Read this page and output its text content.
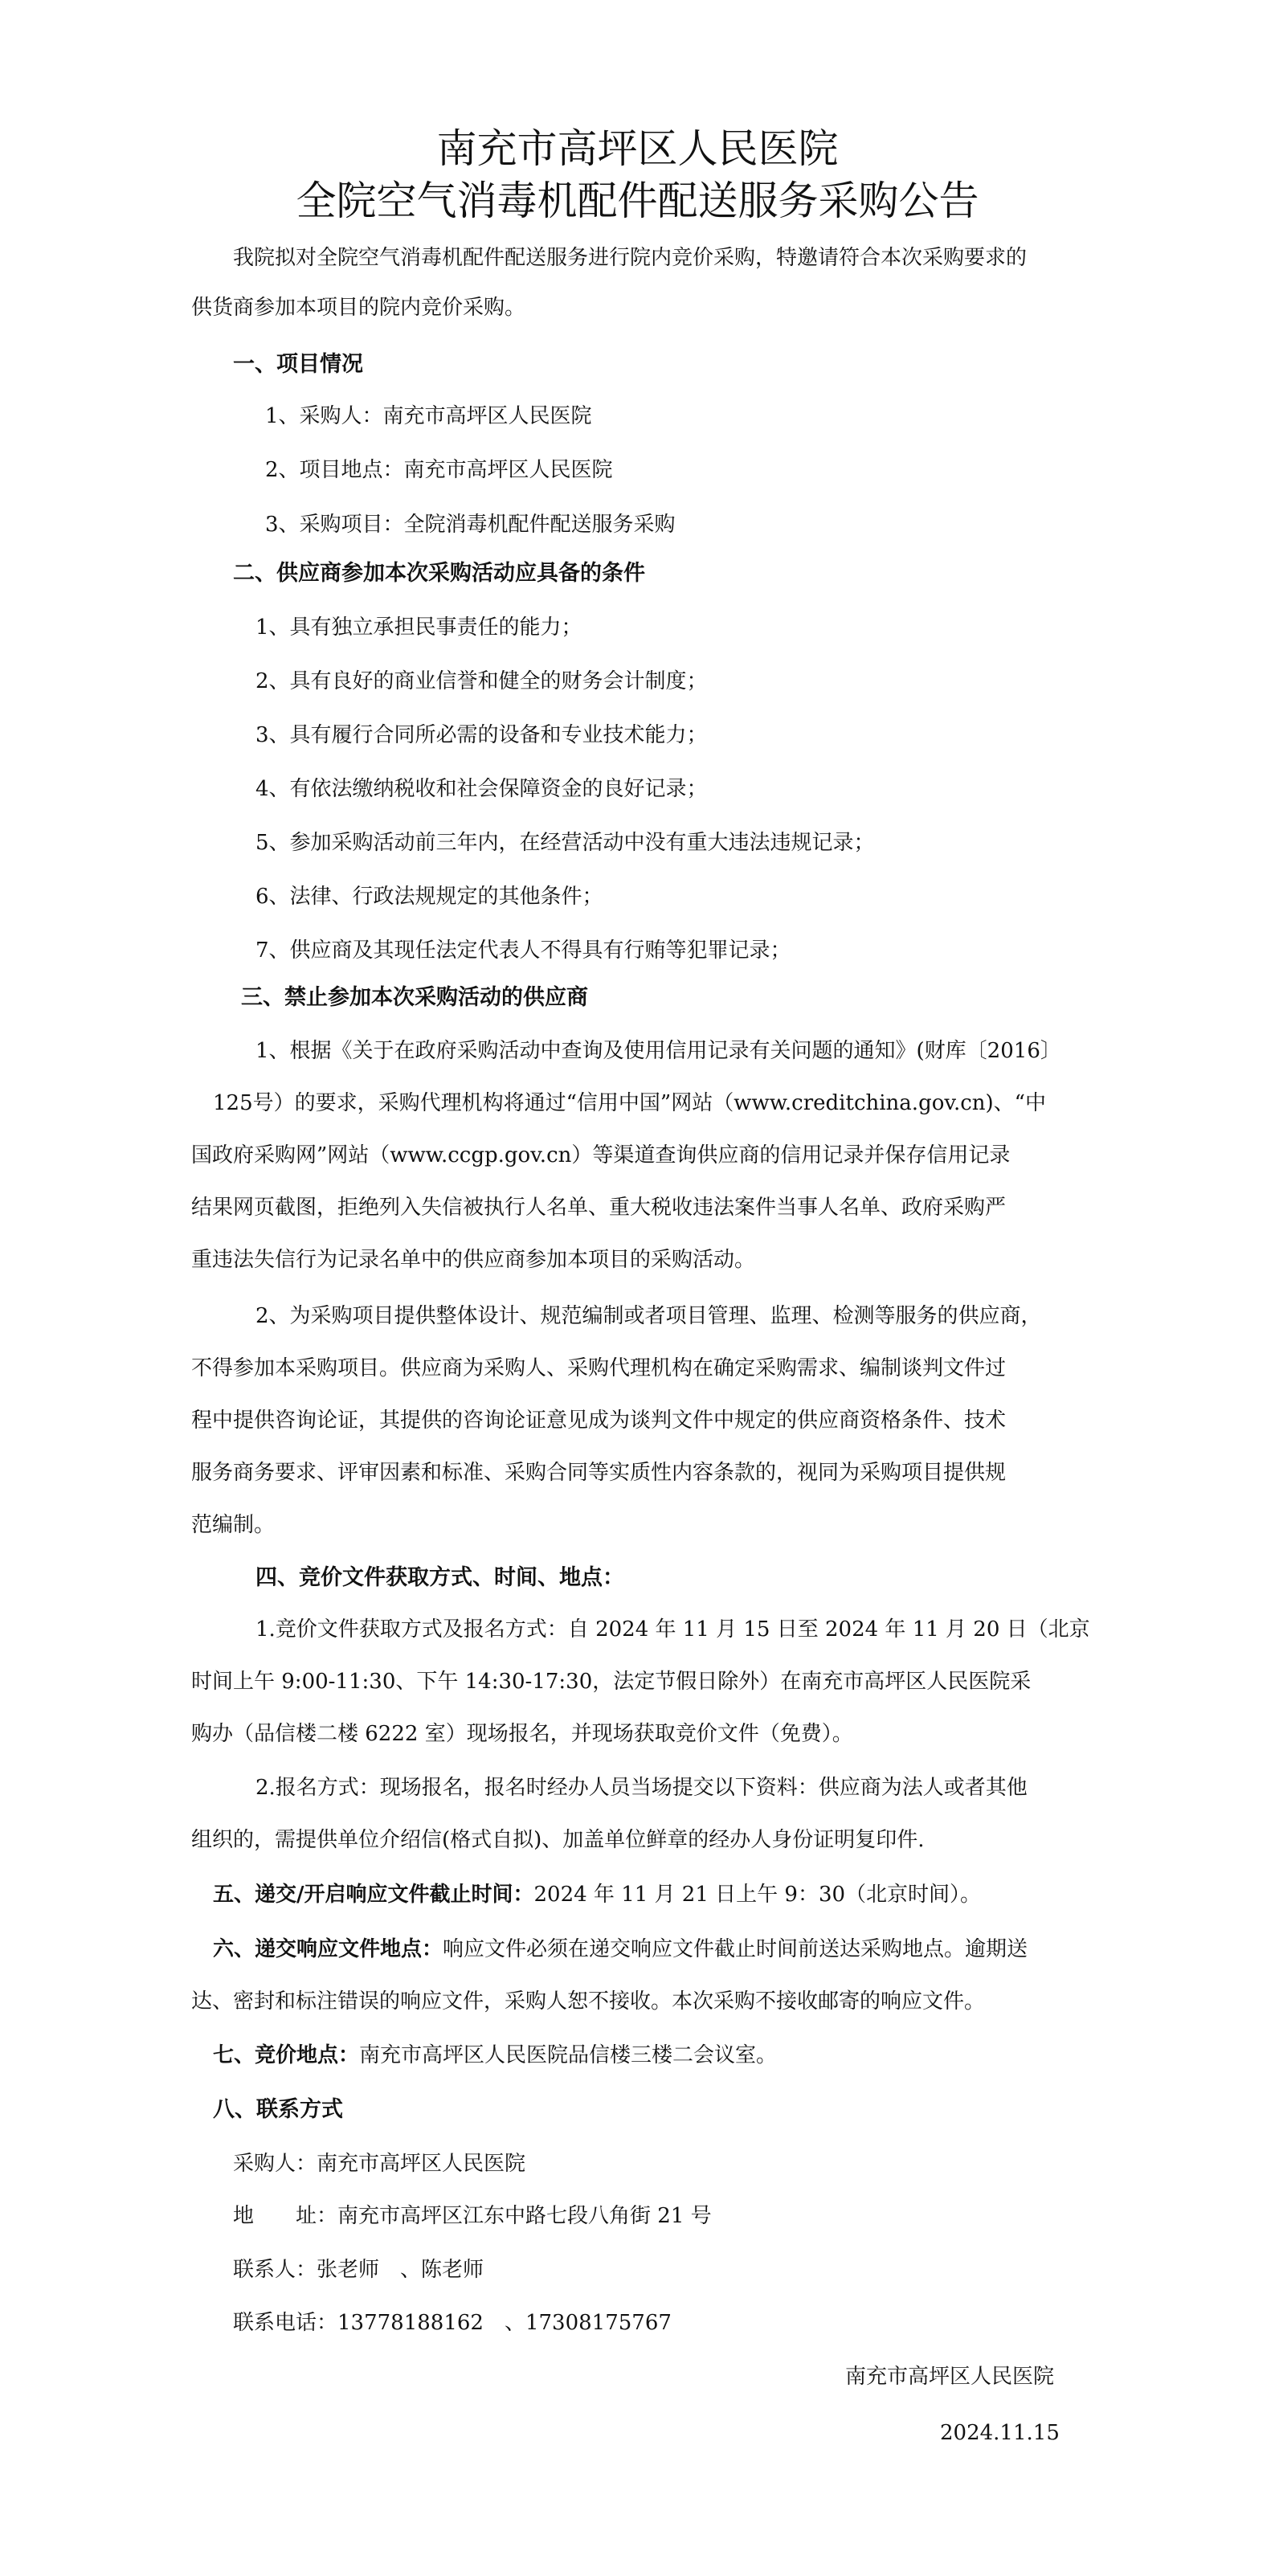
南充市高坪区人民医院
全院空气消毒机配件配送服务采购公告
我院拟对全院空气消毒机配件配送服务进行院内竞价采购，特邀请符合本次采购要求的
供货商参加本项目的院内竞价采购。
一、项目情况
1、采购人：南充市高坪区人民医院
2、项目地点：南充市高坪区人民医院
3、采购项目：全院消毒机配件配送服务采购
二、供应商参加本次采购活动应具备的条件
1、具有独立承担民事责任的能力；
2、具有良好的商业信誉和健全的财务会计制度；
3、具有履行合同所必需的设备和专业技术能力；
4、有依法缴纳税收和社会保障资金的良好记录；
5、参加采购活动前三年内，在经营活动中没有重大违法违规记录；
6、法律、行政法规规定的其他条件；
7、供应商及其现任法定代表人不得具有行贿等犯罪记录；
三、禁止参加本次采购活动的供应商
1、根据《关于在政府采购活动中查询及使用信用记录有关问题的通知》(财库〔2016〕
125号）的要求，采购代理机构将通过“信用中国”网站（www.creditchina.gov.cn)、“中
国政府采购网”网站（www.ccgp.gov.cn）等渠道查询供应商的信用记录并保存信用记录
结果网页截图，拒绝列入失信被执行人名单、重大税收违法案件当事人名单、政府采购严
重违法失信行为记录名单中的供应商参加本项目的采购活动。
2、为采购项目提供整体设计、规范编制或者项目管理、监理、检测等服务的供应商，
不得参加本采购项目。供应商为采购人、采购代理机构在确定采购需求、编制谈判文件过
程中提供咨询论证，其提供的咨询论证意见成为谈判文件中规定的供应商资格条件、技术
服务商务要求、评审因素和标准、采购合同等实质性内容条款的，视同为采购项目提供规
范编制。
四、竞价文件获取方式、时间、地点：
1.竞价文件获取方式及报名方式：自 2024 年 11 月 15 日至 2024 年 11 月 20 日（北京
时间上午 9:00-11:30、下午 14:30-17:30，法定节假日除外）在南充市高坪区人民医院采
购办（品信楼二楼 6222 室）现场报名，并现场获取竞价文件（免费）。
2.报名方式：现场报名，报名时经办人员当场提交以下资料：供应商为法人或者其他
组织的，需提供单位介绍信(格式自拟)、加盖单位鲜章的经办人身份证明复印件.
五、递交/开启响应文件截止时间：2024 年 11 月 21 日上午 9：30（北京时间）。
六、递交响应文件地点：响应文件必须在递交响应文件截止时间前送达采购地点。逾期送
达、密封和标注错误的响应文件，采购人恕不接收。本次采购不接收邮寄的响应文件。
七、竞价地点：南充市高坪区人民医院品信楼三楼二会议室。
八、联系方式
采购人：南充市高坪区人民医院
地　　址：南充市高坪区江东中路七段八角街 21 号
联系人：张老师　、陈老师
联系电话：13778188162　、17308175767
南充市高坪区人民医院
2024.11.15
